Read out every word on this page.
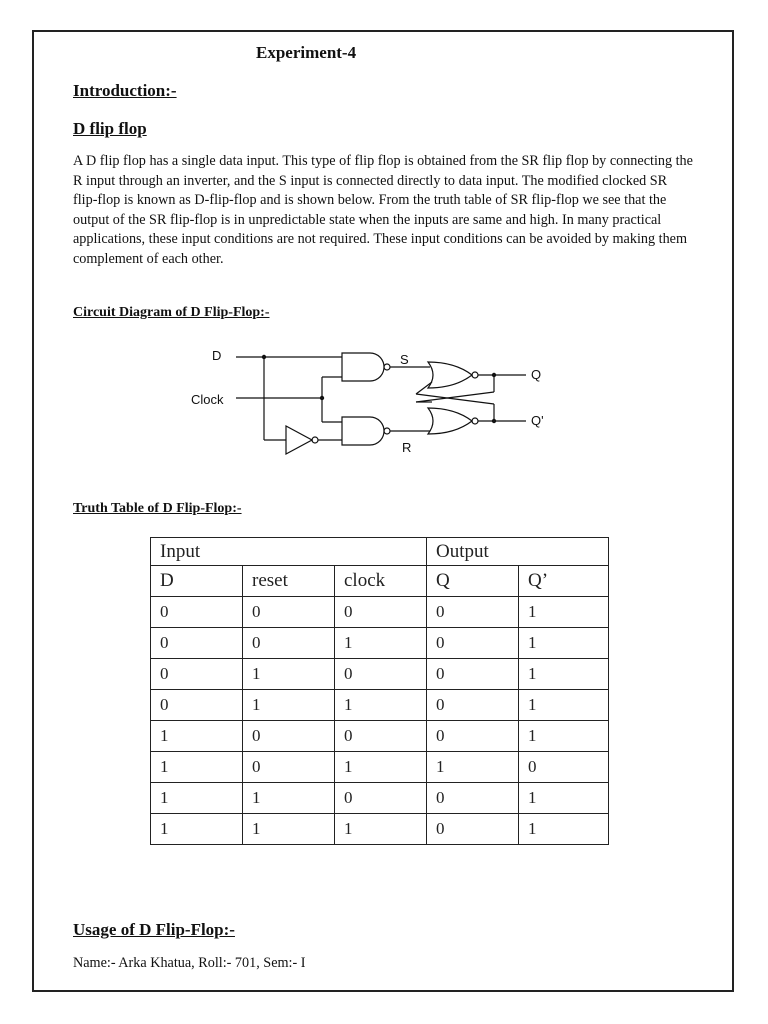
Experiment-4
Introduction:-
D flip flop
A D flip flop has a single data input. This type of flip flop is obtained from the SR flip flop by connecting the R input through an inverter, and the S input is connected directly to data input. The modified clocked SR flip-flop is known as D-flip-flop and is shown below. From the truth table of SR flip-flop we see that the output of the SR flip-flop is in unpredictable state when the inputs are same and high. In many practical applications, these input conditions are not required. These input conditions can be avoided by making them complement of each other.
Circuit Diagram of D Flip-Flop:-
D
Clock
S
R
Q
Q'
Truth Table of D Flip-Flop:-
Input			Output	
D	reset	clock	Q	Q’
0	0	0	0	1
0	0	1	0	1
0	1	0	0	1
0	1	1	0	1
1	0	0	0	1
1	0	1	1	0
1	1	0	0	1
1	1	1	0	1
Usage of D Flip-Flop:-
Name:- Arka Khatua, Roll:- 701, Sem:- I
